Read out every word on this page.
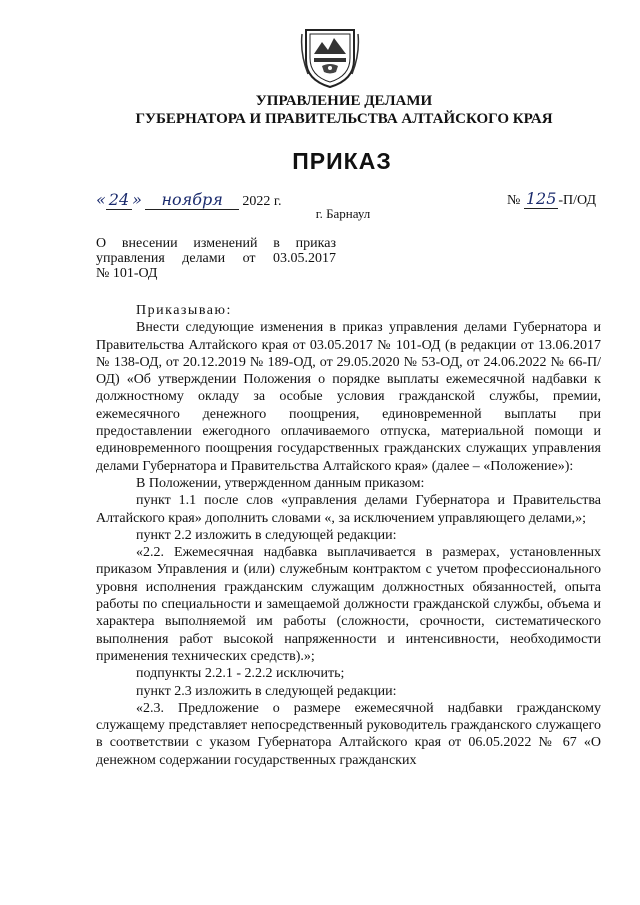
УПРАВЛЕНИЕ ДЕЛАМИ
ГУБЕРНАТОРА И ПРАВИТЕЛЬСТВА АЛТАЙСКОГО КРАЯ
ПРИКАЗ
« 24 » ноября 2022 г.	№ 125 -П/ОД
г. Барнаул
О внесении изменений в приказ
управления делами от 03.05.2017
№ 101-ОД

Приказываю:

Внести следующие изменения в приказ управления делами Губернатора и Правительства Алтайского края от 03.05.2017 № 101-ОД (в редакции от 13.06.2017 № 138-ОД, от 20.12.2019 № 189-ОД, от 29.05.2020 № 53-ОД, от 24.06.2022 № 66-П/ОД) «Об утверждении Положения о порядке выплаты ежемесячной надбавки к должностному окладу за особые условия гражданской службы, премии, ежемесячного денежного поощрения, единовременной выплаты при предоставлении ежегодного оплачиваемого отпуска, материальной помощи и единовременного поощрения государственных гражданских служащих управления делами Губернатора и Правительства Алтайского края» (далее – «Положение»):

В Положении, утвержденном данным приказом:

пункт 1.1 после слов «управления делами Губернатора и Правительства Алтайского края» дополнить словами «, за исключением управляющего делами,»;

пункт 2.2 изложить в следующей редакции:

«2.2. Ежемесячная надбавка выплачивается в размерах, установленных приказом Управления и (или) служебным контрактом с учетом профессионального уровня исполнения гражданским служащим должностных обязанностей, опыта работы по специальности и замещаемой должности гражданской службы, объема и характера выполняемой им работы (сложности, срочности, систематического выполнения работ высокой напряженности и интенсивности, необходимости применения технических средств).»;

подпункты 2.2.1 - 2.2.2 исключить;

пункт 2.3 изложить в следующей редакции:

«2.3. Предложение о размере ежемесячной надбавки гражданскому служащему представляет непосредственный руководитель гражданского служащего в соответствии с указом Губернатора Алтайского края от 06.05.2022 № 67 «О денежном содержании государственных гражданских
